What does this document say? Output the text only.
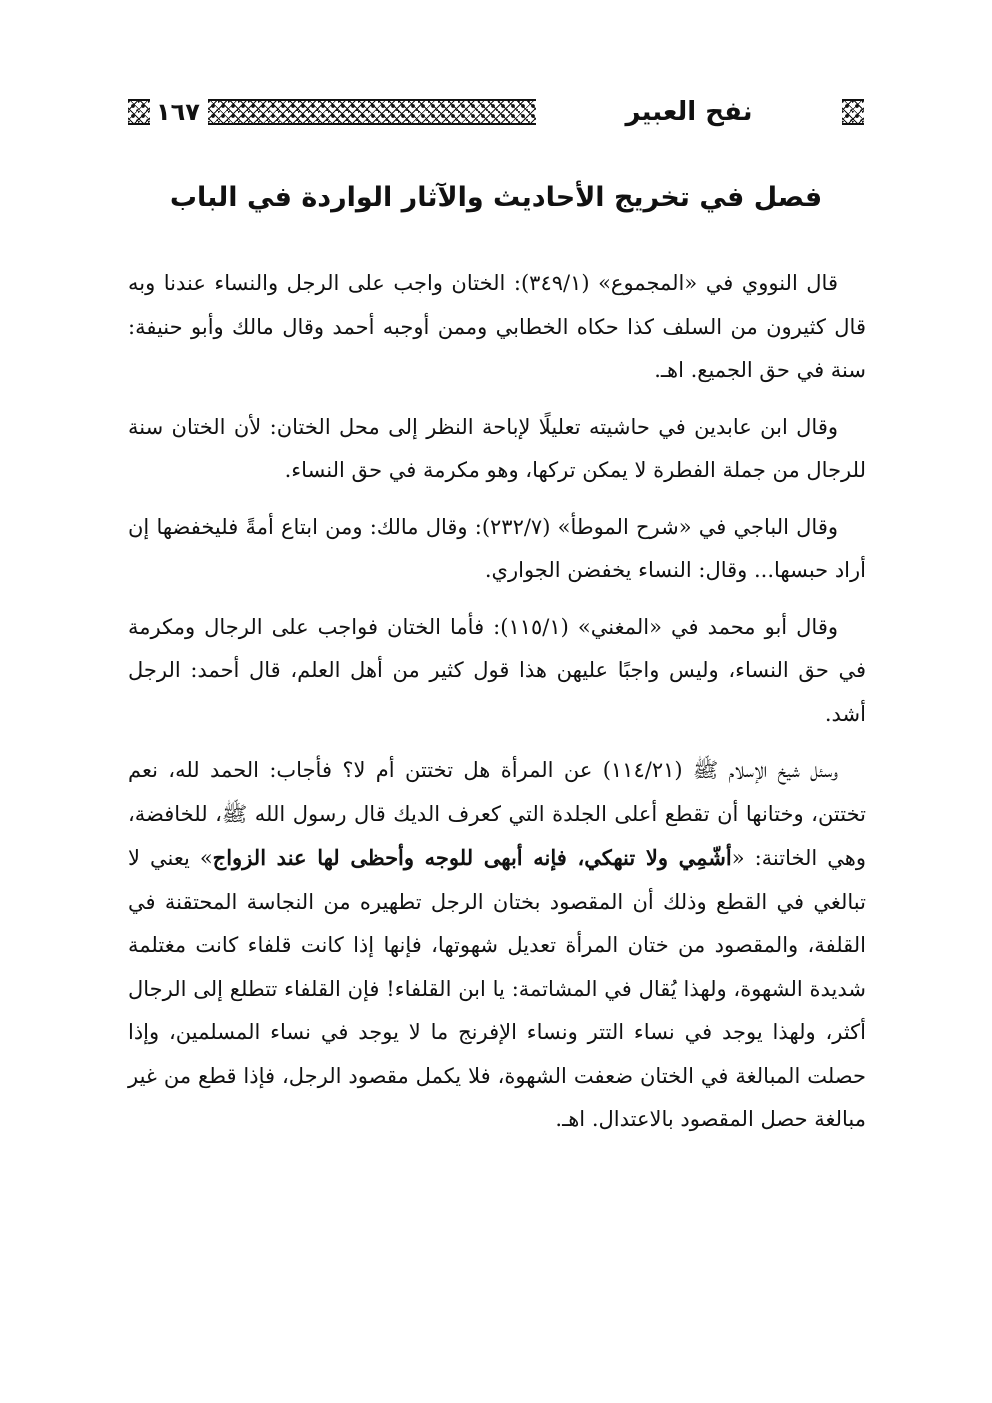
١٦٧	نفح العبير
فصل في تخريج الأحاديث والآثار الواردة في الباب

قال النووي في «المجموع» (٣٤٩/١): الختان واجب على الرجل والنساء عندنا وبه قال كثيرون من السلف كذا حكاه الخطابي وممن أوجبه أحمد وقال مالك وأبو حنيفة: سنة في حق الجميع. اهـ.

وقال ابن عابدين في حاشيته تعليلًا لإباحة النظر إلى محل الختان: لأن الختان سنة للرجال من جملة الفطرة لا يمكن تركها، وهو مكرمة في حق النساء.

وقال الباجي في «شرح الموطأ» (٢٣٢/٧): وقال مالك: ومن ابتاع أمةً فليخفضها إن أراد حبسها... وقال: النساء يخفضن الجواري.

وقال أبو محمد في «المغني» (١١٥/١): فأما الختان فواجب على الرجال ومكرمة في حق النساء، وليس واجبًا عليهن هذا قول كثير من أهل العلم، قال أحمد: الرجل أشد.

وسئل شيخ الإسلام ﷺ (١١٤/٢١) عن المرأة هل تختتن أم لا؟ فأجاب: الحمد لله، نعم تختتن، وختانها أن تقطع أعلى الجلدة التي كعرف الديك قال رسول الله ﷺ، للخافضة، وهي الخاتنة: «أشّمِي ولا تنهكي، فإنه أبهى للوجه وأحظى لها عند الزواج» يعني لا تبالغي في القطع وذلك أن المقصود بختان الرجل تطهيره من النجاسة المحتقنة في القلفة، والمقصود من ختان المرأة تعديل شهوتها، فإنها إذا كانت قلفاء كانت مغتلمة شديدة الشهوة، ولهذا يُقال في المشاتمة: يا ابن القلفاء! فإن القلفاء تتطلع إلى الرجال أكثر، ولهذا يوجد في نساء التتر ونساء الإفرنج ما لا يوجد في نساء المسلمين، وإذا حصلت المبالغة في الختان ضعفت الشهوة، فلا يكمل مقصود الرجل، فإذا قطع من غير مبالغة حصل المقصود بالاعتدال. اهـ.
